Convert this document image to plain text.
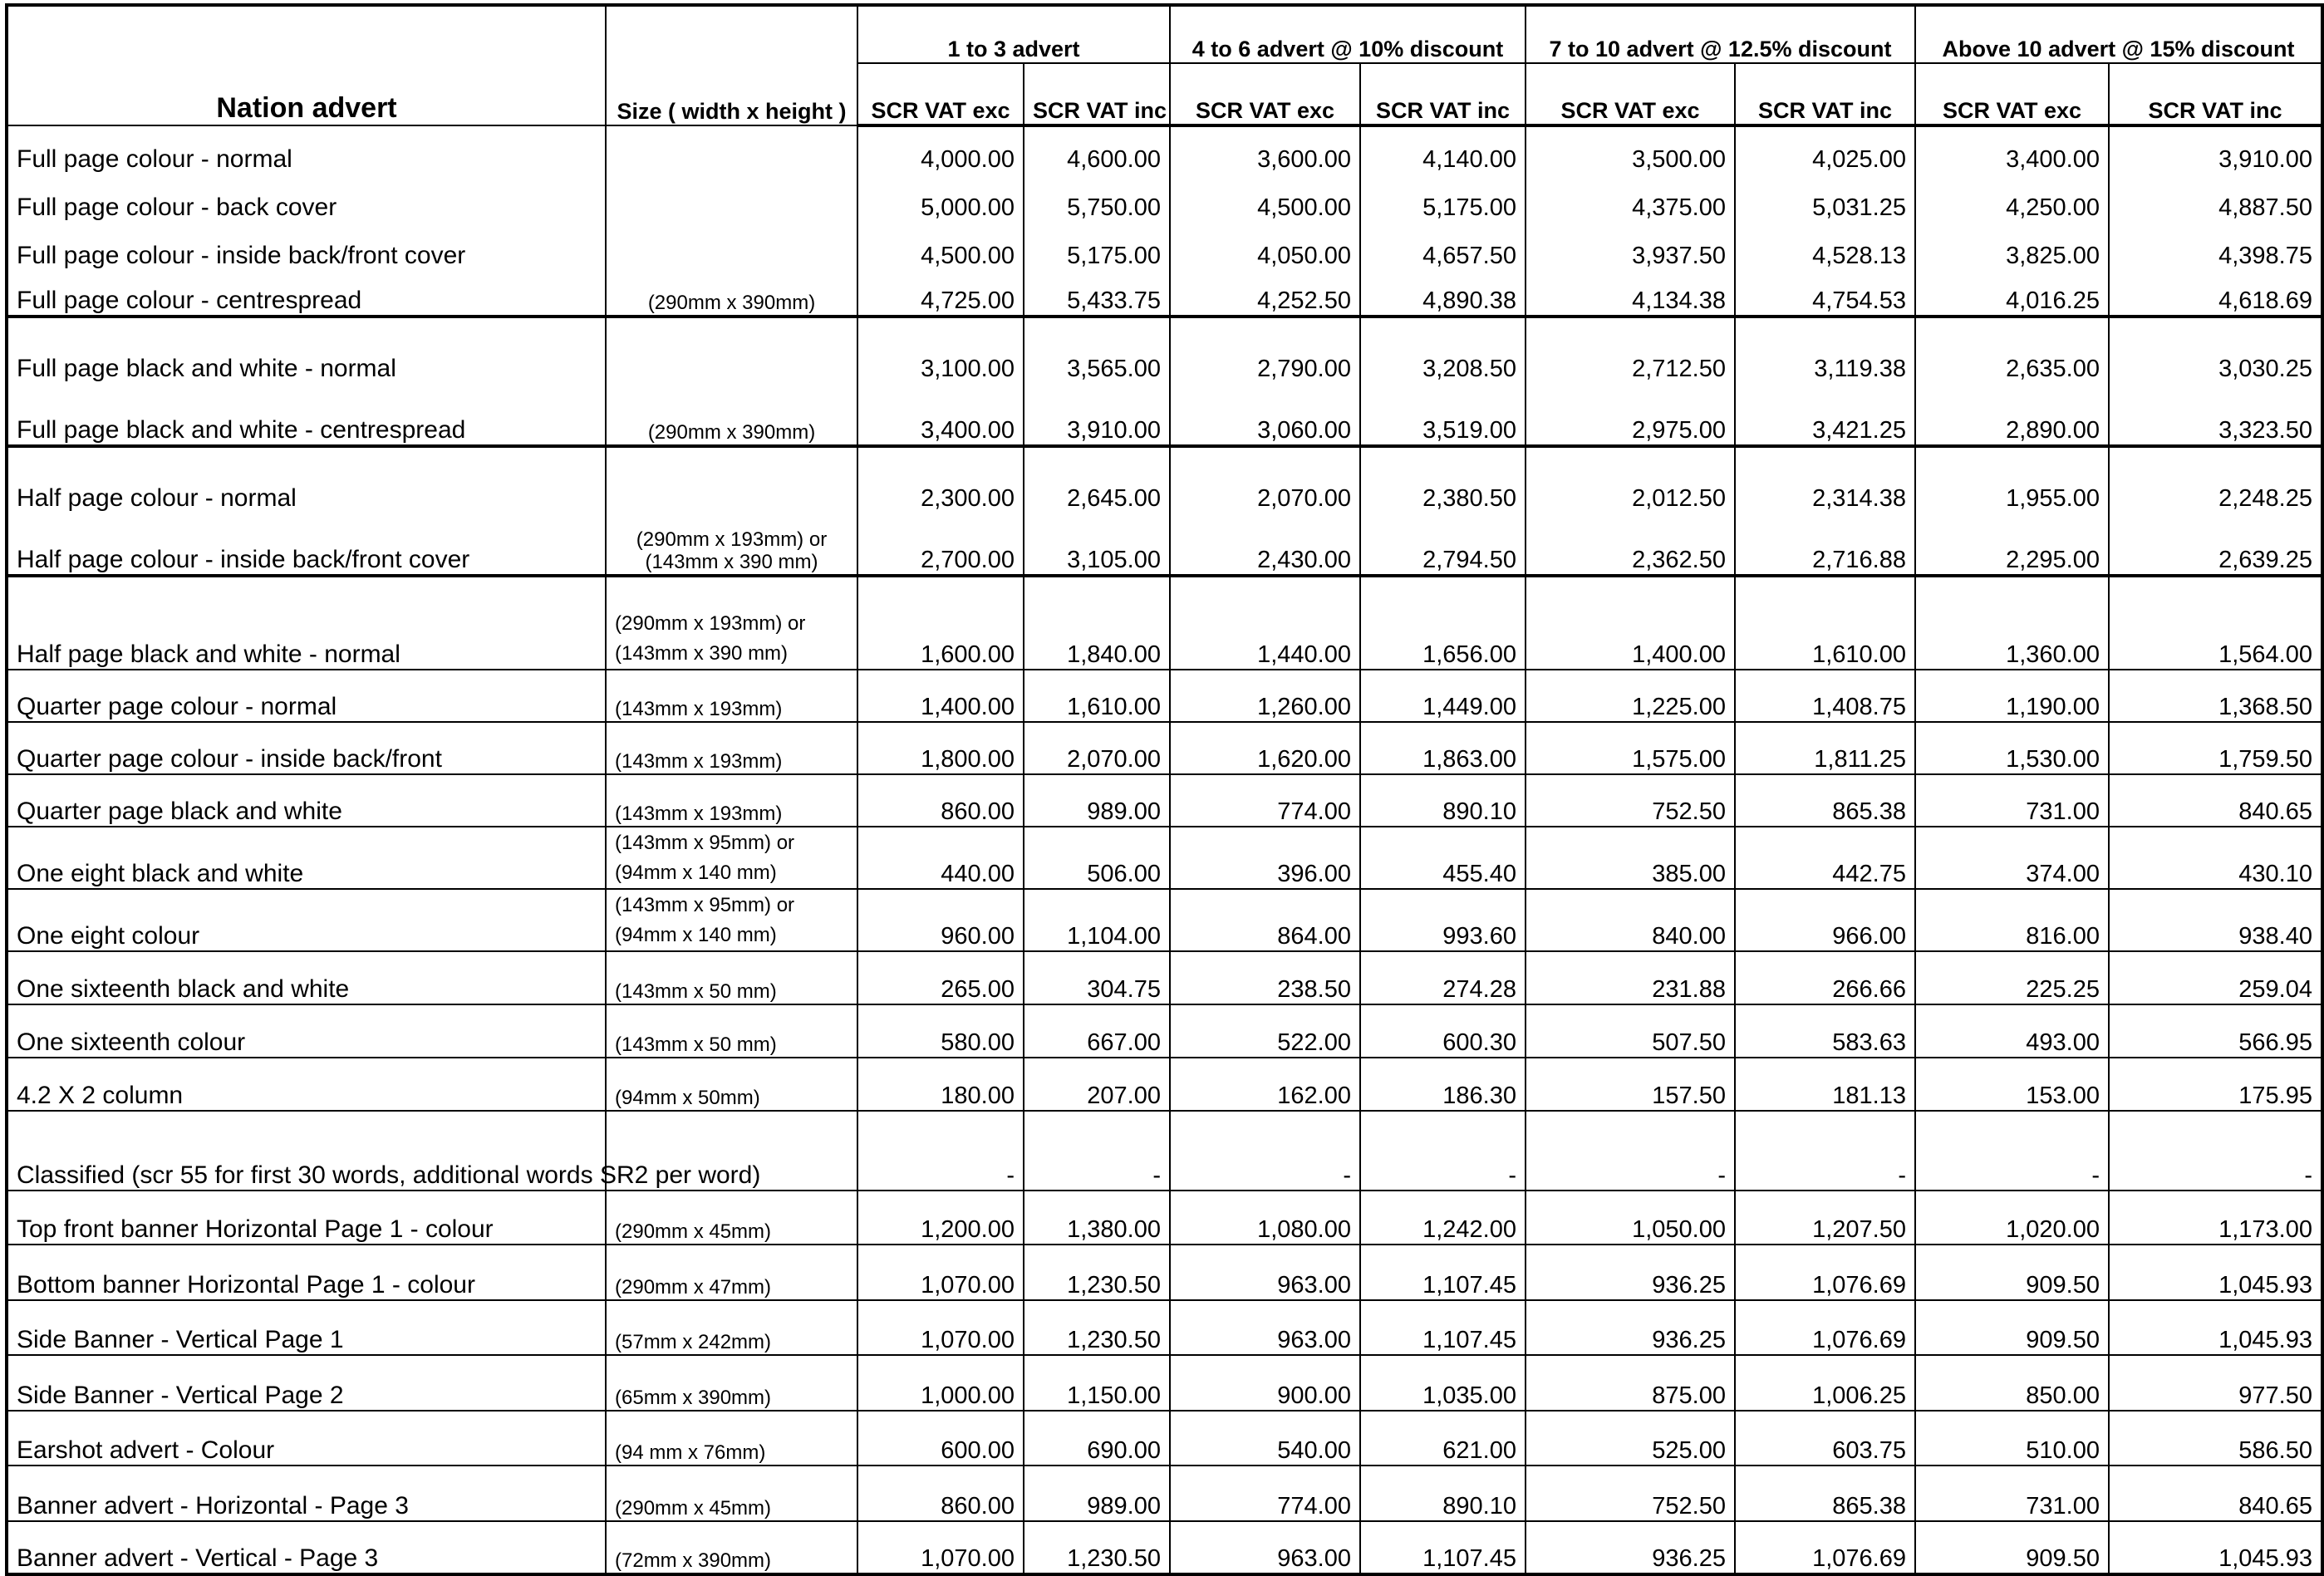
Nation advert	Size ( width x height )	1 to 3 advert		4 to 6 advert @ 10% discount		7 to 10 advert @ 12.5% discount		Above 10 advert @ 15% discount	
		SCR VAT exc	SCR VAT inc	SCR VAT exc	SCR VAT inc	SCR VAT exc	SCR VAT inc	SCR VAT exc	SCR VAT inc
Full page colour - normal	(290mm x 390mm)	4,000.00	4,600.00	3,600.00	4,140.00	3,500.00	4,025.00	3,400.00	3,910.00
Full page colour - back cover		5,000.00	5,750.00	4,500.00	5,175.00	4,375.00	5,031.25	4,250.00	4,887.50
Full page colour - inside back/front cover		4,500.00	5,175.00	4,050.00	4,657.50	3,937.50	4,528.13	3,825.00	4,398.75
Full page colour - centrespread		4,725.00	5,433.75	4,252.50	4,890.38	4,134.38	4,754.53	4,016.25	4,618.69
Full page black and white - normal	(290mm x 390mm)	3,100.00	3,565.00	2,790.00	3,208.50	2,712.50	3,119.38	2,635.00	3,030.25
Full page black and white - centrespread		3,400.00	3,910.00	3,060.00	3,519.00	2,975.00	3,421.25	2,890.00	3,323.50
Half page colour - normal	(290mm x 193mm) or
(143mm x 390 mm)	2,300.00	2,645.00	2,070.00	2,380.50	2,012.50	2,314.38	1,955.00	2,248.25
Half page colour - inside back/front cover		2,700.00	3,105.00	2,430.00	2,794.50	2,362.50	2,716.88	2,295.00	2,639.25
Half page black and white - normal	(290mm x 193mm) or
(143mm x 390 mm)	1,600.00	1,840.00	1,440.00	1,656.00	1,400.00	1,610.00	1,360.00	1,564.00
Quarter page colour - normal	(143mm x 193mm)	1,400.00	1,610.00	1,260.00	1,449.00	1,225.00	1,408.75	1,190.00	1,368.50
Quarter page colour - inside back/front	(143mm x 193mm)	1,800.00	2,070.00	1,620.00	1,863.00	1,575.00	1,811.25	1,530.00	1,759.50
Quarter page black and white	(143mm x 193mm)	860.00	989.00	774.00	890.10	752.50	865.38	731.00	840.65
One eight black and white	(143mm x 95mm) or
(94mm x 140 mm)	440.00	506.00	396.00	455.40	385.00	442.75	374.00	430.10
One eight colour	(143mm x 95mm) or
(94mm x 140 mm)	960.00	1,104.00	864.00	993.60	840.00	966.00	816.00	938.40
One sixteenth black and white	(143mm x 50 mm)	265.00	304.75	238.50	274.28	231.88	266.66	225.25	259.04
One sixteenth colour	(143mm x 50 mm)	580.00	667.00	522.00	600.30	507.50	583.63	493.00	566.95
4.2 X 2 column	(94mm x 50mm)	180.00	207.00	162.00	186.30	157.50	181.13	153.00	175.95
Classified (scr 55 for first 30 words, additional words SR2 per word)		-	-	-	-	-	-	-	-
Top front banner Horizontal Page 1 - colour	(290mm x 45mm)	1,200.00	1,380.00	1,080.00	1,242.00	1,050.00	1,207.50	1,020.00	1,173.00
Bottom banner Horizontal Page 1 - colour	(290mm x 47mm)	1,070.00	1,230.50	963.00	1,107.45	936.25	1,076.69	909.50	1,045.93
Side Banner - Vertical Page 1	(57mm x 242mm)	1,070.00	1,230.50	963.00	1,107.45	936.25	1,076.69	909.50	1,045.93
Side Banner - Vertical Page 2	(65mm x 390mm)	1,000.00	1,150.00	900.00	1,035.00	875.00	1,006.25	850.00	977.50
Earshot advert - Colour	(94 mm x 76mm)	600.00	690.00	540.00	621.00	525.00	603.75	510.00	586.50
Banner advert - Horizontal - Page 3	(290mm x 45mm)	860.00	989.00	774.00	890.10	752.50	865.38	731.00	840.65
Banner advert - Vertical - Page 3	(72mm x 390mm)	1,070.00	1,230.50	963.00	1,107.45	936.25	1,076.69	909.50	1,045.93
